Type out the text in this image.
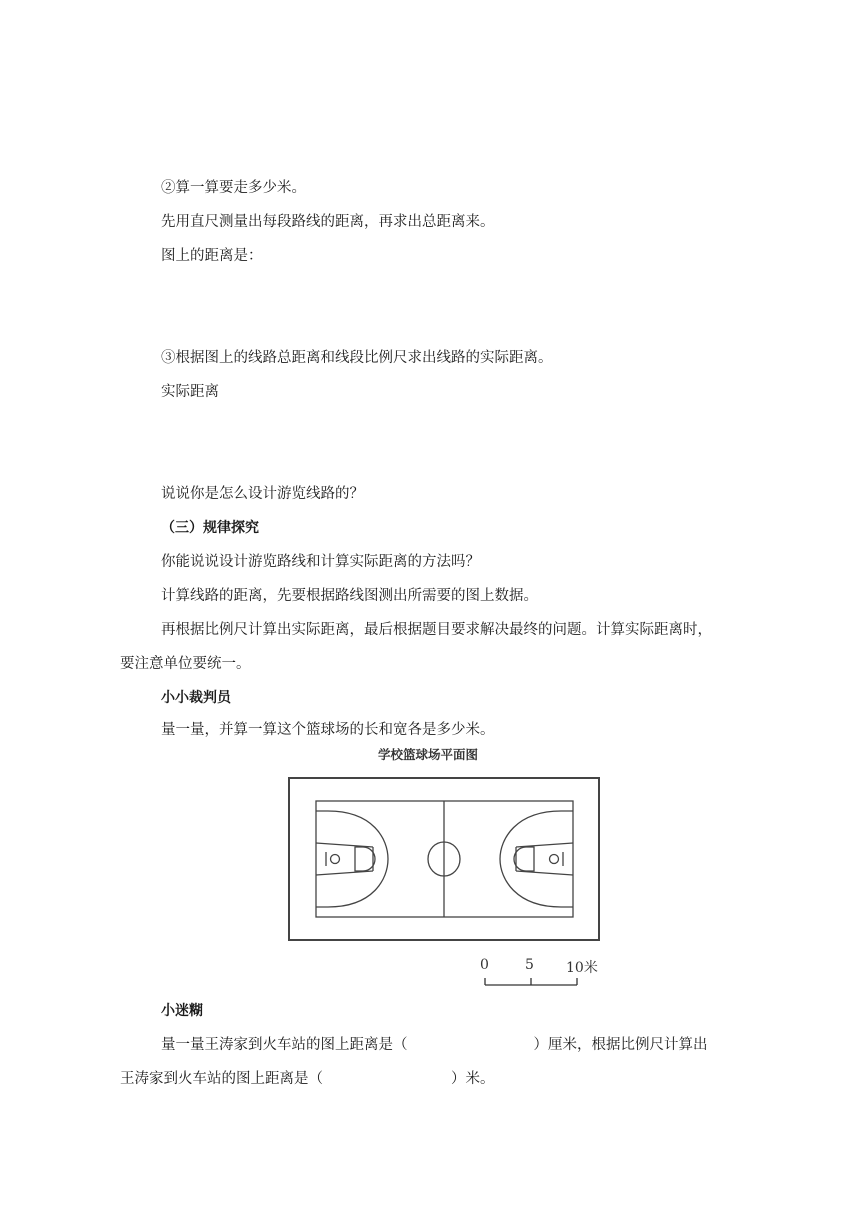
②算一算要走多少米。
先用直尺测量出每段路线的距离，再求出总距离来。
图上的距离是：
③根据图上的线路总距离和线段比例尺求出线路的实际距离。
实际距离
说说你是怎么设计游览线路的？
（三）规律探究
你能说说设计游览路线和计算实际距离的方法吗？
计算线路的距离，先要根据路线图测出所需要的图上数据。
再根据比例尺计算出实际距离，最后根据题目要求解决最终的问题。计算实际距离时，
要注意单位要统一。
小小裁判员
量一量，并算一算这个篮球场的长和宽各是多少米。
学校篮球场平面图
0	5 10米
小迷糊
量一量王涛家到火车站的图上距离是（	）厘米，根据比例尺计算出
王涛家到火车站的图上距离是（	）米。
